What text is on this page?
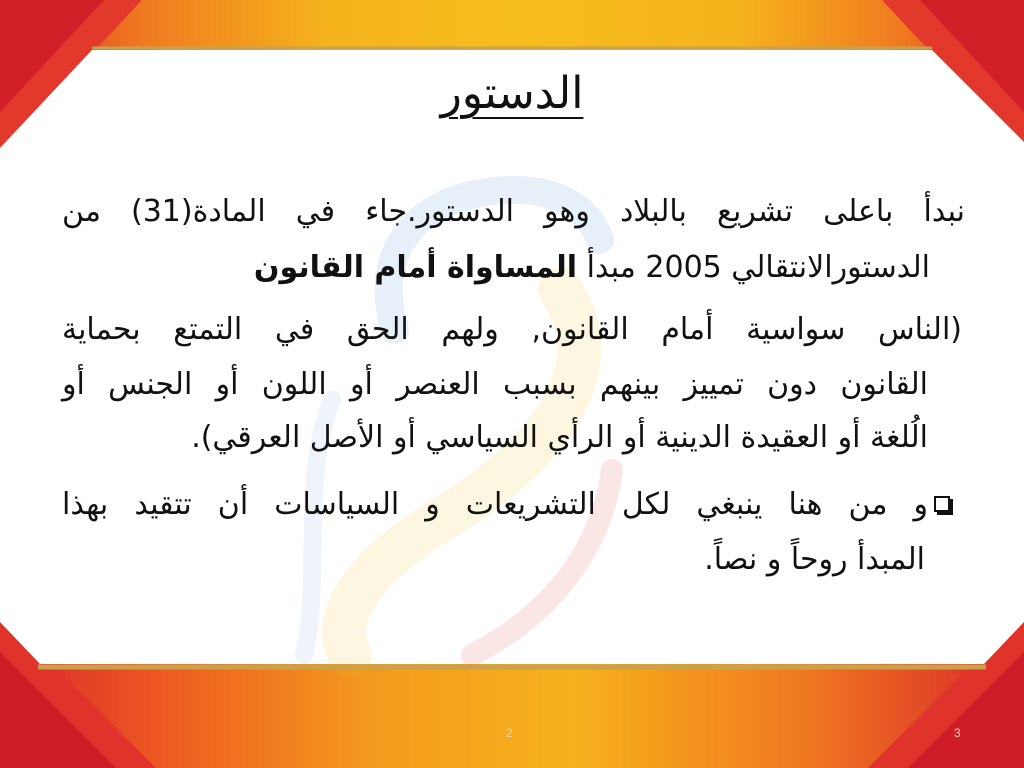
الدستور
نبدأ باعلى تشريع بالبلاد وهو الدستور.جاء في المادة(31) من
الدستورالانتقالي 2005 مبدأ المساواة أمام القانون
(الناس سواسية أمام القانون, ولهم الحق في التمتع بحماية
القانون دون تمييز بينهم بسبب العنصر أو اللون أو الجنس أو
الُلغة أو العقيدة الدينية أو الرأي السياسي أو الأصل العرقي).
و من هنا ينبغي لكل التشريعات و السياسات أن تتقيد بهذا
المبدأ روحاً و نصاً.
2	3
